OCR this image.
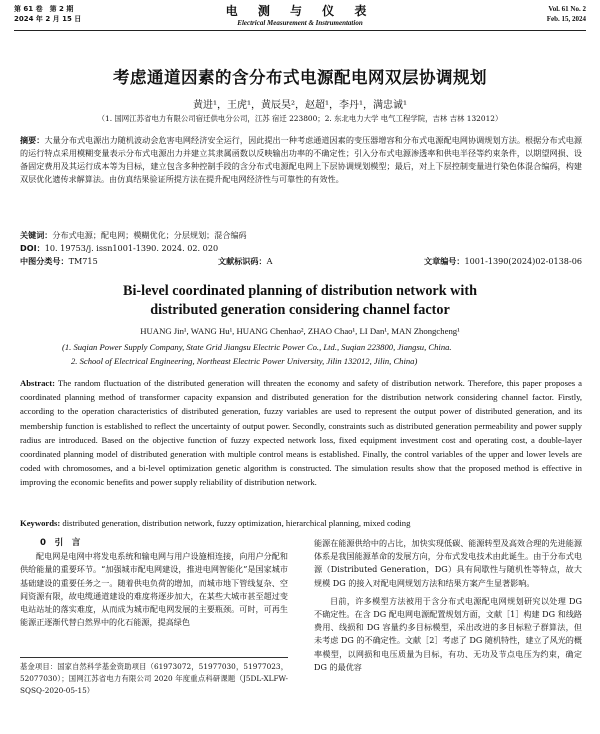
第 61 卷　第 2 期
2024 年 2 月 15 日
电 测 与 仪 表
Electrical Measurement & Instrumentation
Vol. 61 No. 2
Feb. 15, 2024
考虑通道因素的含分布式电源配电网双层协调规划
黄进¹，王虎¹，黄辰昊²，赵超¹，李丹¹，满忠诚¹
（1. 国网江苏省电力有限公司宿迁供电分公司，江苏 宿迁 223800；2. 东北电力大学 电气工程学院，吉林 吉林 132012）
摘要：大量分布式电源出力随机波动会危害电网经济安全运行，因此提出一种考虑通道因素的变压器增容和分布式电源配电网协调规划方法。根据分布式电源的运行特点采用模糊变量表示分布式电源出力并建立其隶属函数以反映输出功率的不确定性；引入分布式电源渗透率和供电半径等约束条件，以期望网损、设备固定费用及其运行成本等为目标，建立包含多种控制手段的含分布式电源配电网上下层协调规划模型；最后，对上下层控制变量进行染色体混合编码，构建双层优化遗传求解算法。由仿真结果验证所提方法在提升配电网经济性与可靠性的有效性。
关键词：分布式电源；配电网；模糊优化；分层规划；混合编码
DOI：10. 19753/j. issn1001-1390. 2024. 02. 020
中图分类号：TM715	文献标识码：A	文章编号：1001-1390(2024)02-0138-06
Bi-level coordinated planning of distribution network with distributed generation considering channel factor
HUANG Jin¹, WANG Hu¹, HUANG Chenhao², ZHAO Chao¹, LI Dan¹, MAN Zhongcheng¹
(1. Suqian Power Supply Company, State Grid Jiangsu Electric Power Co., Ltd., Suqian 223800, Jiangsu, China.
2. School of Electrical Engineering, Northeast Electric Power University, Jilin 132012, Jilin, China)
Abstract: The random fluctuation of the distributed generation will threaten the economy and safety of distribution network. Therefore, this paper proposes a coordinated planning method of transformer capacity expansion and distributed generation for the distribution network considering channel factor. Firstly, according to the operation characteristics of distributed generation, fuzzy variables are used to represent the output power of distributed generation, and its membership function is established to reflect the uncertainty of output power. Secondly, constraints such as distributed generation permeability and power supply radius are introduced. Based on the objective function of fuzzy expected network loss, fixed equipment investment cost and operating cost, a double-layer coordinated planning model of distributed generation with multiple control means is established. Finally, the control variables of the upper and lower levels are coded with chromosomes, and a bi-level optimization genetic algorithm is constructed. The simulation results show that the proposed method is effective in improving the economic benefits and power supply reliability of distribution network.
Keywords: distributed generation, distribution network, fuzzy optimization, hierarchical planning, mixed coding
0　引　言

配电网是电网中将发电系统和输电网与用户设施相连接，向用户分配和供给能量的重要环节。“加强城市配电网建设，推进电网智能化”是国家城市基础建设的重要任务之一。随着供电负荷的增加，而城市地下管线复杂、空间资源有限，故电缆通道建设的难度将逐步加大，在某些大城市甚至超过变电站站址的落实难度，从而成为城市配电网发展的主要瓶颈。可时，可再生能源正逐渐代替白然界中的化石能源，提高绿色

能源在能源供给中的占比，加快实现低碳、能源转型及高效合理的先进能源体系是我国能源革命的发展方向，分布式发电技术由此诞生。由于分布式电源（Distributed Generation，DG）具有间歇性与随机性等特点，故大规模 DG 的接入对配电网规划方法和结果方案产生显著影响。

目前，许多模型方法被用于含分布式电源配电网规划研究以处理 DG 不确定性。在含 DG 配电网电源配置规划方面，文献［1］构建 DG 和线路费用、线损和 DG 容量约多目标模型，采出改进的多目标粒子群算法，但未考虑 DG 的不确定性。文献［2］考虑了 DG 随机特性，建立了风光的概率模型，以网损和电压质量为目标，有功、无功及节点电压为约束，确定 DG 的最优容

基金项目：国家自然科学基金资助项目（61973072，51977030，51977023，52077030）；国网江苏省电力有限公司 2020 年度重点科研课题（J5DL-XLFW-SQSQ-2020-05-15）
